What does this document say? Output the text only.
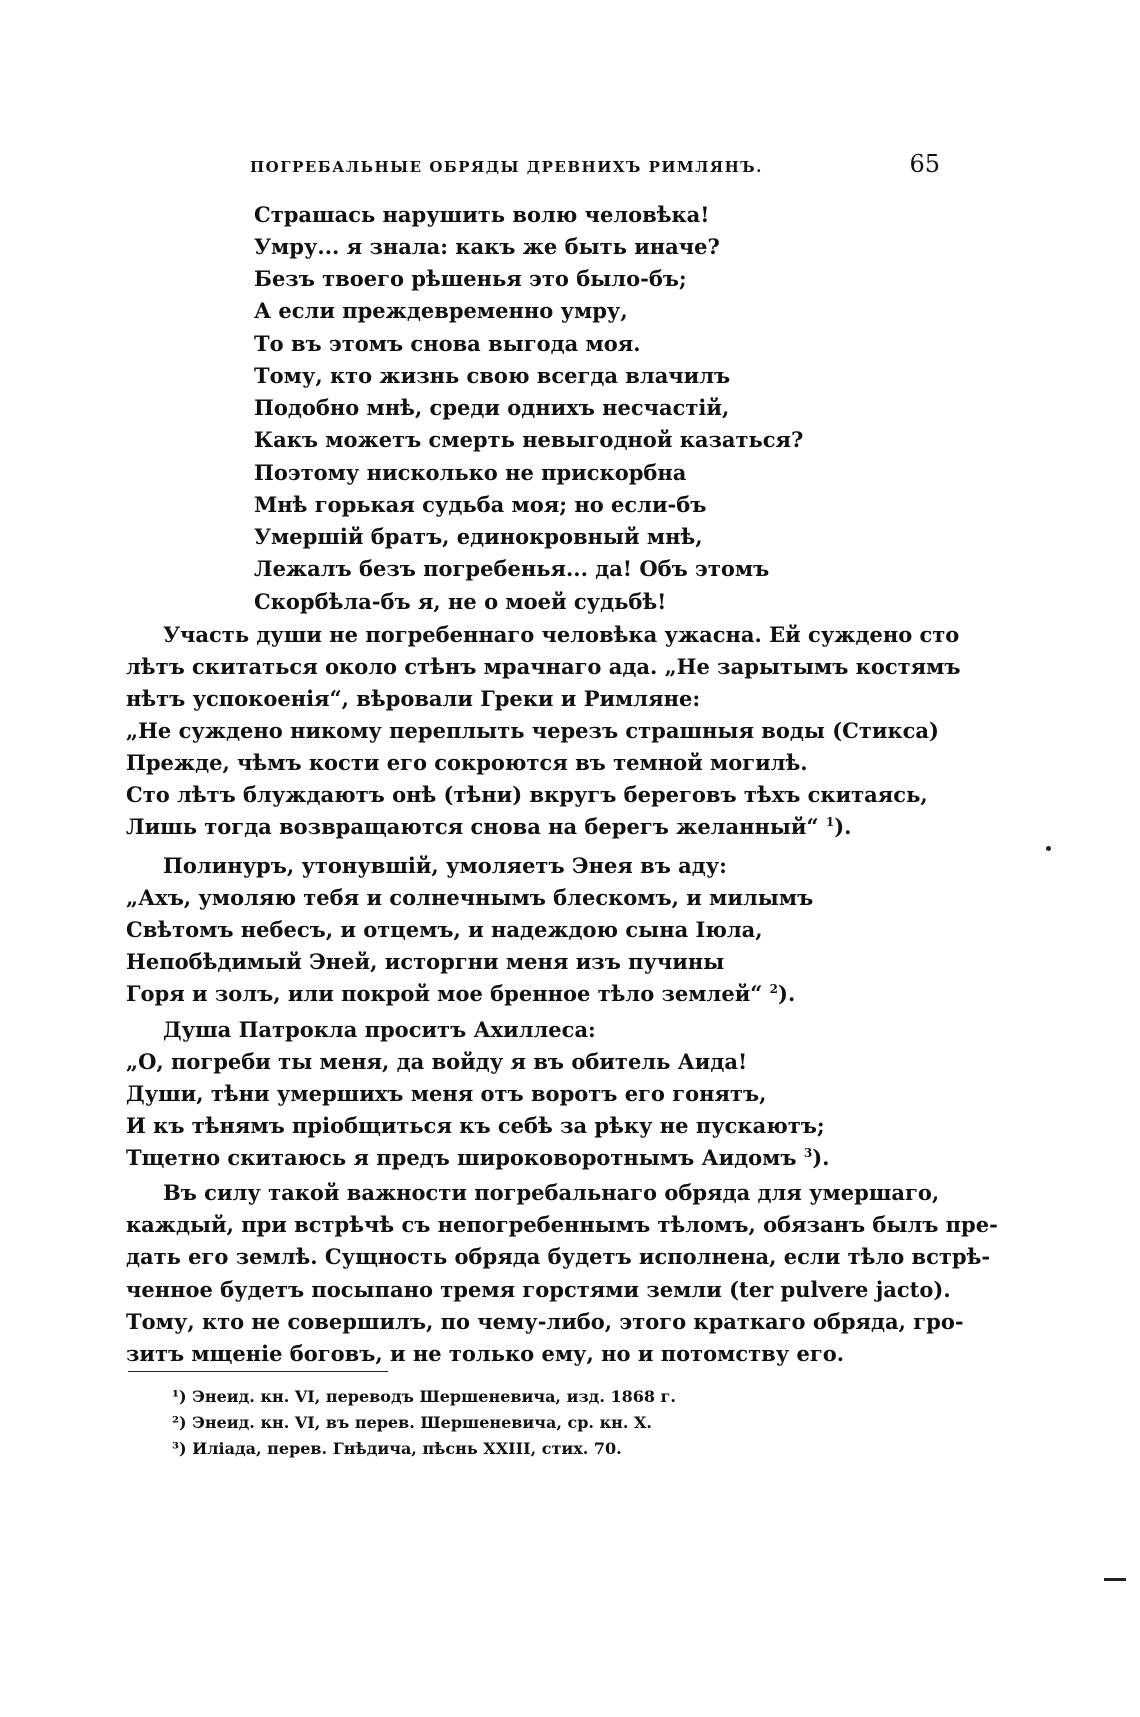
ПОГРЕБАЛЬНЫЕ ОБРЯДЫ ДРЕВНИХЪ РИМЛЯНЪ.	65
Страшась нарушить волю человѣка!
Умру... я знала: какъ же быть иначе?
Безъ твоего рѣшенья это было-бъ;
А если преждевременно умру,
То въ этомъ снова выгода моя.
Тому, кто жизнь свою всегда влачилъ
Подобно мнѣ, среди однихъ несчастій,
Какъ можетъ смерть невыгодной казаться?
Поэтому нисколько не прискорбна
Мнѣ горькая судьба моя; но если-бъ
Умершій братъ, единокровный мнѣ,
Лежалъ безъ погребенья... да! Объ этомъ
Скорбѣла-бъ я, не о моей судьбѣ!
Участь души не погребеннаго человѣка ужасна. Ей суждено сто
лѣтъ скитаться около стѣнъ мрачнаго ада. „Не зарытымъ костямъ
нѣтъ успокоенія“, вѣровали Греки и Римляне:
„Не суждено никому переплыть черезъ страшныя воды (Стикса)
Прежде, чѣмъ кости его сокроются въ темной могилѣ.
Сто лѣтъ блуждаютъ онѣ (тѣни) вкругъ береговъ тѣхъ скитаясь,
Лишь тогда возвращаются снова на берегъ желанный“ $^1$).
Полинуръ, утонувшій, умоляетъ Энея въ аду:
„Ахъ, умоляю тебя и солнечнымъ блескомъ, и милымъ
Свѣтомъ небесъ, и отцемъ, и надеждою сына Іюла,
Непобѣдимый Эней, исторгни меня изъ пучины
Горя и золъ, или покрой мое бренное тѣло землей“ $^2$).
Душа Патрокла проситъ Ахиллеса:
„О, погреби ты меня, да войду я въ обитель Аида!
Души, тѣни умершихъ меня отъ воротъ его гонятъ,
И къ тѣнямъ пріобщиться къ себѣ за рѣку не пускаютъ;
Тщетно скитаюсь я предъ широковоротнымъ Аидомъ $^3$).
Въ силу такой важности погребальнаго обряда для умершаго,
каждый, при встрѣчѣ съ непогребеннымъ тѣломъ, обязанъ былъ пре-
дать его землѣ. Сущность обряда будетъ исполнена, если тѣло встрѣ-
ченное будетъ посыпано тремя горстями земли (ter pulvere jacto).
Тому, кто не совершилъ, по чему-либо, этого краткаго обряда, гро-
зитъ мщеніе боговъ, и не только ему, но и потомству его.
¹) Энеид. кн. VI, переводъ Шершеневича, изд. 1868 г.
²) Энеид. кн. VI, въ перев. Шершеневича, ср. кн. X.
³) Иліада, перев. Гнѣдича, пѣснь XXIII, стих. 70.
